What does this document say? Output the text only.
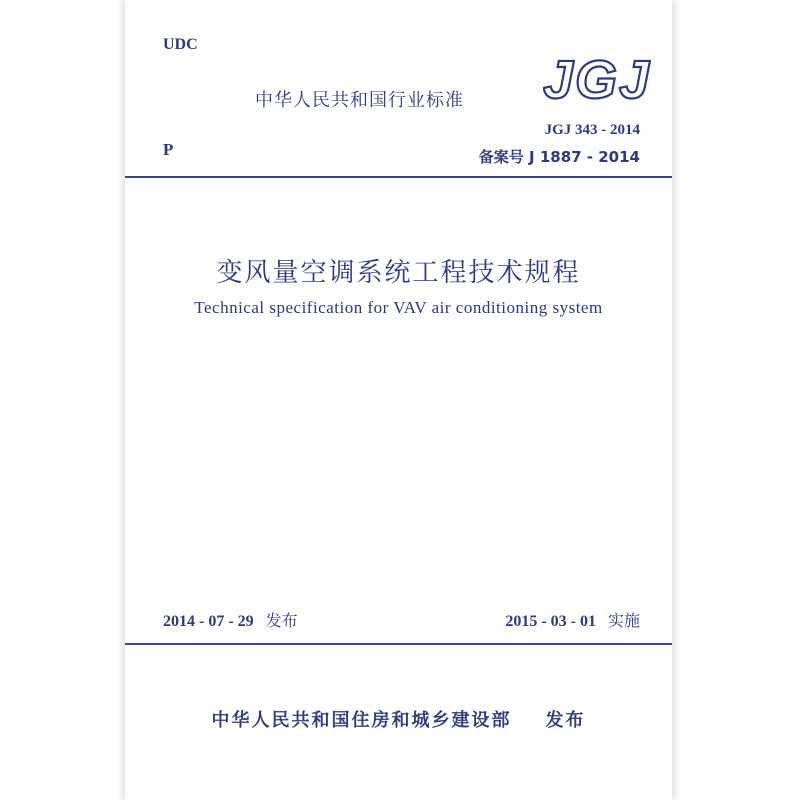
UDC
中华人民共和国行业标准 JGJ
P
JGJ 343 - 2014
备案号 J 1887 - 2014
变风量空调系统工程技术规程
Technical specification for VAV air conditioning system
2014 - 07 - 29 发布	2015 - 03 - 01 实施
中华人民共和国住房和城乡建设部 发布
